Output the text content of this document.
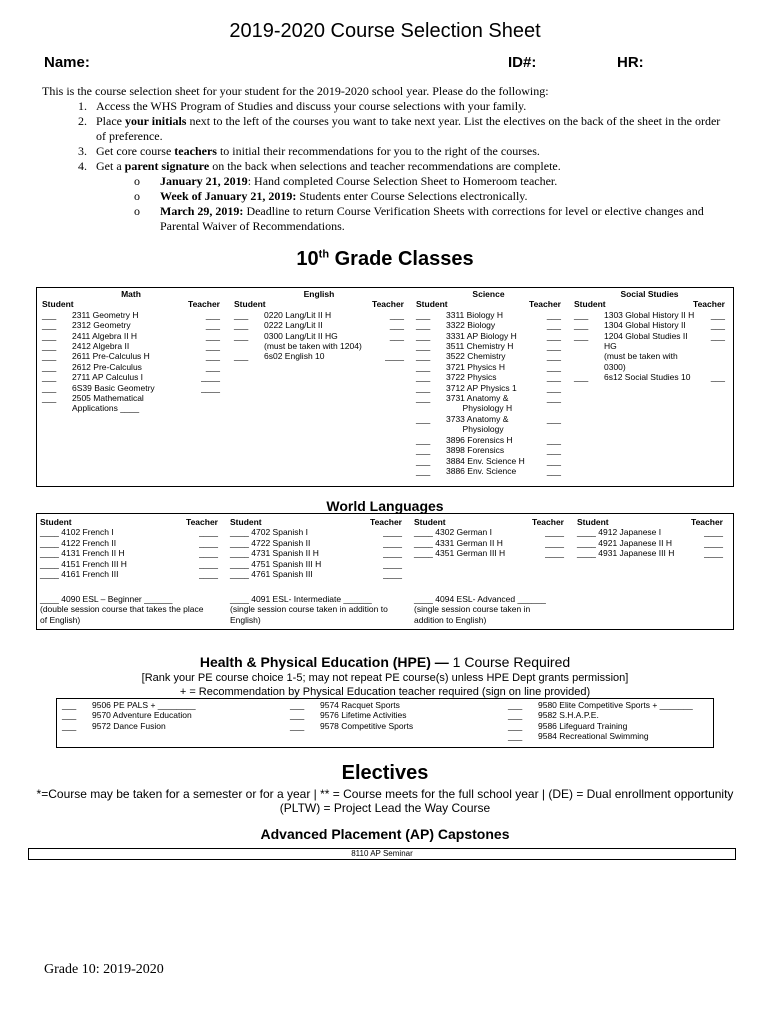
2019-2020 Course Selection Sheet
Name:	ID#:	HR:
This is the course selection sheet for your student for the 2019-2020 school year. Please do the following:
1. Access the WHS Program of Studies and discuss your course selections with your family.
2. Place your initials next to the left of the courses you want to take next year. List the electives on the back of the sheet in the order of preference.
3. Get core course teachers to initial their recommendations for you to the right of the courses.
4. Get a parent signature on the back when selections and teacher recommendations are complete.
o January 21, 2019: Hand completed Course Selection Sheet to Homeroom teacher.
o Week of January 21, 2019: Students enter Course Selections electronically.
o March 29, 2019: Deadline to return Course Verification Sheets with corrections for level or elective changes and Parental Waiver of Recommendations.
10th Grade Classes
Math
Student	Teacher
___	2311 Geometry H	___
___	2312 Geometry	___
___	2411 Algebra II H	___
___	2412 Algebra II	___
___	2611 Pre-Calculus H	___
___	2612 Pre-Calculus	___
___	2711 AP Calculus I	____
___	6S39 Basic Geometry	____
___	2505 Mathematical Applications ____
English
Student	Teacher
___	0220 Lang/Lit II H	___
___	0222 Lang/Lit II	___
___	0300 Lang/Lit II HG	___
(must be taken with 1204)
___	6s02 English 10	____
Science
Student	Teacher
___	3311 Biology H	___
___	3322 Biology	___
___	3331 AP Biology H	___
___	3511 Chemistry H	___
___	3522 Chemistry	___
___	3721 Physics H	___
___	3722 Physics	___
___	3712 AP Physics 1	___
___	3731 Anatomy &	___
Physiology H
___	3733 Anatomy &	___
Physiology
___	3896 Forensics H	___
___	3898 Forensics	___
___	3884 Env. Science H	___
___	3886 Env. Science	___
Social Studies
Student	Teacher
___	1303 Global History II H	___
___	1304 Global History II	___
___	1204 Global Studies II HG
___
(must be taken with 0300)
___	6s12 Social Studies 10	___
World Languages
Student	Teacher
____ 4102 French I	____
____ 4122 French II	____
____ 4131 French II H	____
____ 4151 French III H	____
____ 4161 French III	____
Student	Teacher
____ 4702 Spanish I	____
____ 4722 Spanish II	____
____ 4731 Spanish II H	____
____ 4751 Spanish III H	____
____ 4761 Spanish III	____
Student	Teacher
____ 4302 German I	____
____ 4331 German II H	____
____ 4351 German III H	____
Student	Teacher
____ 4912 Japanese I	____
____ 4921 Japanese II H	____
____ 4931 Japanese III H	____
____ 4090 ESL – Beginner ______
(double session course that takes the place
of English)
____ 4091 ESL- Intermediate ______
(single session course taken in addition to
English)
____ 4094 ESL- Advanced ______
(single session course taken in
addition to English)
Health & Physical Education (HPE) — 1 Course Required
[Rank your PE course choice 1-5; may not repeat PE course(s) unless HPE Dept grants permission]
+ = Recommendation by Physical Education teacher required (sign on line provided)
___	9506 PE PALS + ________
___	9570 Adventure Education
___	9572 Dance Fusion
___	9574 Racquet Sports
___	9576 Lifetime Activities
___	9578 Competitive Sports
___	9580 Elite Competitive Sports + _______
___	9582 S.H.A.P.E.
___	9586 Lifeguard Training
___	9584 Recreational Swimming
Electives
*=Course may be taken for a semester or for a year | ** = Course meets for the full school year | (DE) = Dual enrollment opportunity
(PLTW) = Project Lead the Way Course
Advanced Placement (AP) Capstones
8110 AP Seminar
Grade 10: 2019-2020
